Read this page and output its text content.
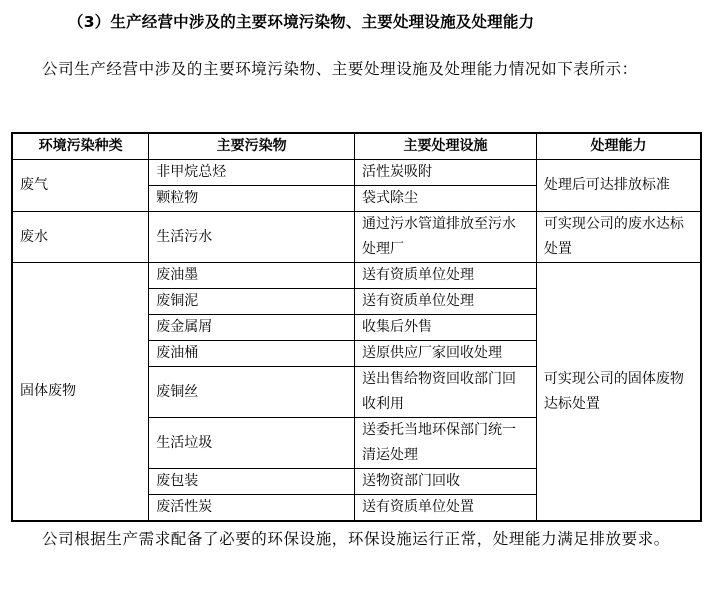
（3）生产经营中涉及的主要环境污染物、主要处理设施及处理能力
公司生产经营中涉及的主要环境污染物、主要处理设施及处理能力情况如下表所示：
环境污染种类	主要污染物	主要处理设施	处理能力
废气	非甲烷总烃	活性炭吸附	处理后可达排放标准
	颗粒物	袋式除尘	
废水	生活污水	通过污水管道排放至污水处理厂	可实现公司的废水达标处置
固体废物	废油墨	送有资质单位处理	可实现公司的固体废物达标处置
	废铜泥	送有资质单位处理	
	废金属屑	收集后外售	
	废油桶	送原供应厂家回收处理	
	废铜丝	送出售给物资回收部门回收利用	
	生活垃圾	送委托当地环保部门统一清运处理	
	废包装	送物资部门回收	
	废活性炭	送有资质单位处置	
公司根据生产需求配备了必要的环保设施，环保设施运行正常，处理能力满足排放要求。
